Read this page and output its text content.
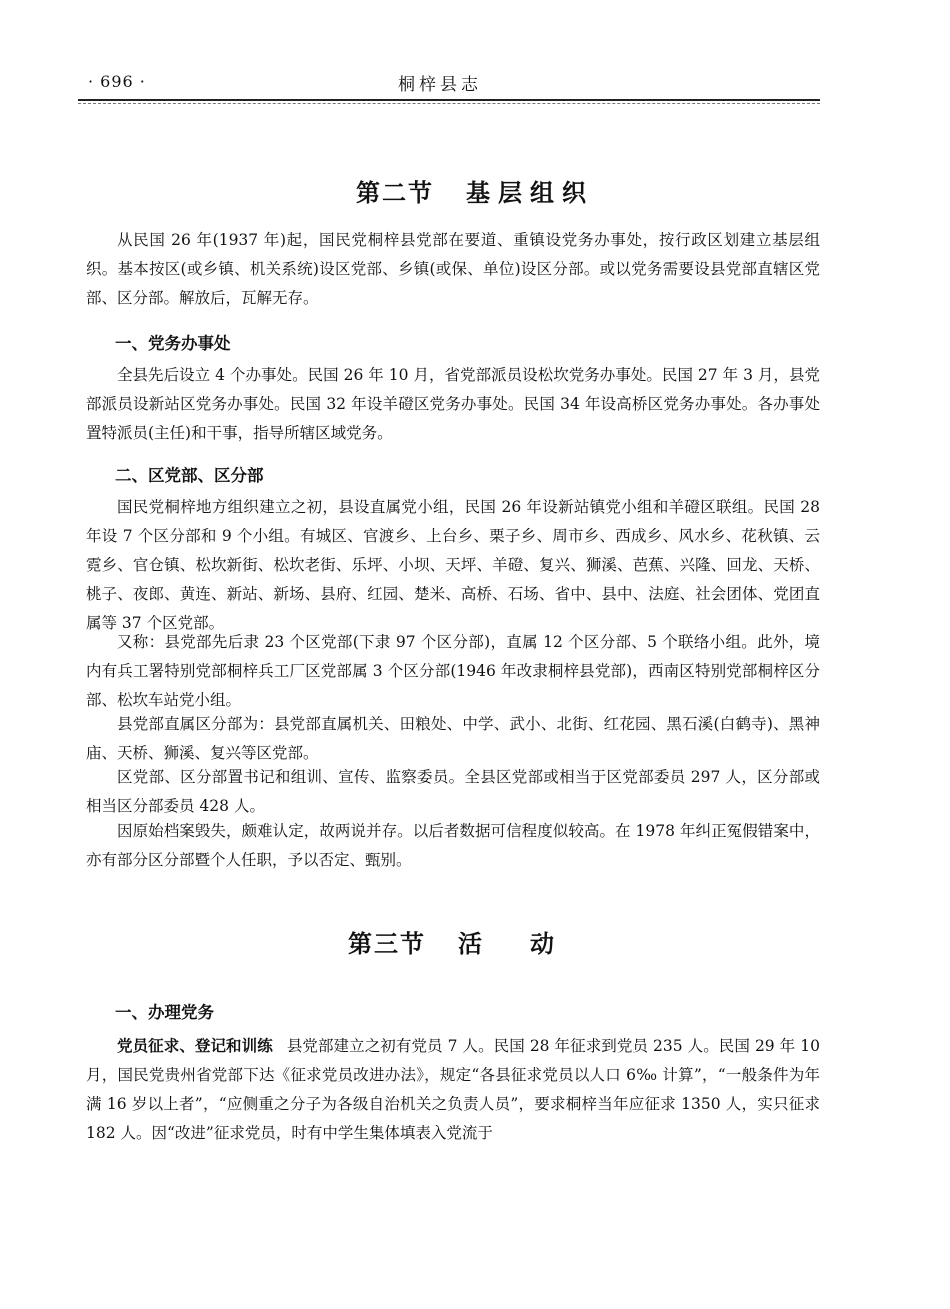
· 696 ·	桐梓县志
第二节 基层组织

从民国 26 年(1937 年)起，国民党桐梓县党部在要道、重镇设党务办事处，按行政区划建立基层组织。基本按区(或乡镇、机关系统)设区党部、乡镇(或保、单位)设区分部。或以党务需要设县党部直辖区党部、区分部。解放后，瓦解无存。

一、党务办事处

全县先后设立 4 个办事处。民国 26 年 10 月，省党部派员设松坎党务办事处。民国 27 年 3 月，县党部派员设新站区党务办事处。民国 32 年设羊磴区党务办事处。民国 34 年设高桥区党务办事处。各办事处置特派员(主任)和干事，指导所辖区域党务。

二、区党部、区分部

国民党桐梓地方组织建立之初，县设直属党小组，民国 26 年设新站镇党小组和羊磴区联组。民国 28 年设 7 个区分部和 9 个小组。有城区、官渡乡、上台乡、栗子乡、周市乡、西成乡、风水乡、花秋镇、云霓乡、官仓镇、松坎新街、松坎老街、乐坪、小坝、天坪、羊磴、复兴、狮溪、芭蕉、兴隆、回龙、天桥、桃子、夜郎、黄连、新站、新场、县府、红园、楚米、高桥、石场、省中、县中、法庭、社会团体、党团直属等 37 个区党部。

又称：县党部先后隶 23 个区党部(下隶 97 个区分部)，直属 12 个区分部、5 个联络小组。此外，境内有兵工署特别党部桐梓兵工厂区党部属 3 个区分部(1946 年改隶桐梓县党部)，西南区特别党部桐梓区分部、松坎车站党小组。

县党部直属区分部为：县党部直属机关、田粮处、中学、武小、北街、红花园、黑石溪(白鹤寺)、黑神庙、天桥、狮溪、复兴等区党部。

区党部、区分部置书记和组训、宣传、监察委员。全县区党部或相当于区党部委员 297 人，区分部或相当区分部委员 428 人。

因原始档案毁失，颇难认定，故两说并存。以后者数据可信程度似较高。在 1978 年纠正冤假错案中，亦有部分区分部暨个人任职，予以否定、甄别。

第三节 活动
一、办理党务

党员征求、登记和训练 县党部建立之初有党员 7 人。民国 28 年征求到党员 235 人。民国 29 年 10 月，国民党贵州省党部下达《征求党员改进办法》，规定“各县征求党员以人口 6‰ 计算”，“一般条件为年满 16 岁以上者”，“应侧重之分子为各级自治机关之负责人员”，要求桐梓当年应征求 1350 人，实只征求 182 人。因“改进”征求党员，时有中学生集体填表入党流于
